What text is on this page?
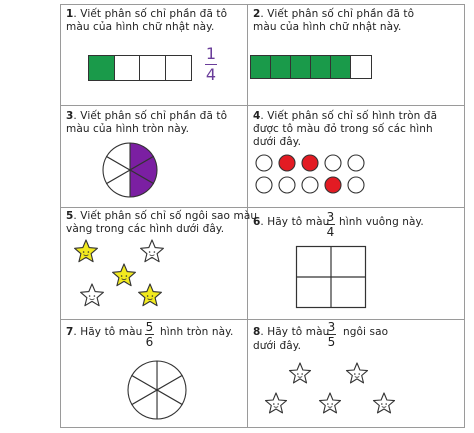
1. Viết phân số chỉ phần đã tô
màu của hình chữ nhật này.
1
4
2. Viết phân số chỉ phần đã tô
màu của hình chữ nhật này.
3. Viết phân số chỉ phần đã tô
màu của hình tròn này.
4. Viết phân số chỉ số hình tròn đã
được tô màu đỏ trong số các hình
dưới đây.
5. Viết phân số chỉ số ngôi sao màu
vàng trong các hình dưới đây.
6. Hãy tô màu
3
4
hình vuông này.
7. Hãy tô màu 5
6
hình tròn này. 8. Hãy tô màu
3
5
ngôi sao
dưới đây.
